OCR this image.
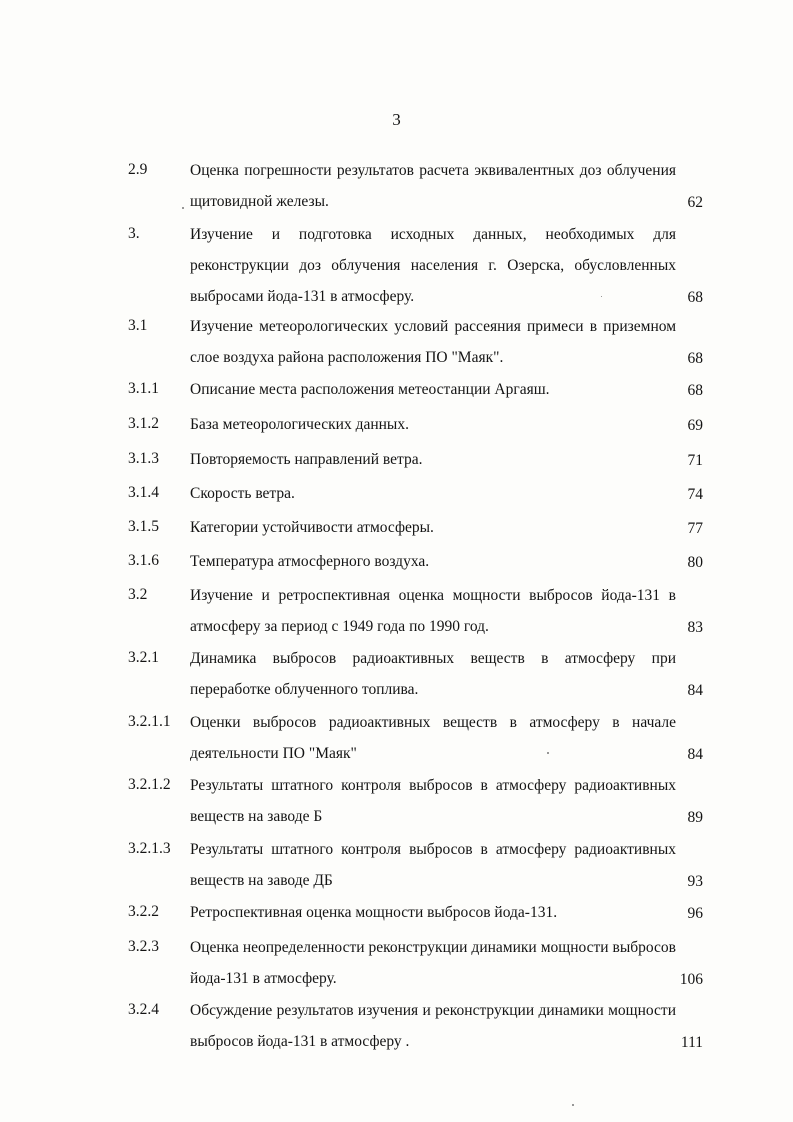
3
2.9	Оценка погрешности результатов расчета эквивалентных доз облучения щитовидной железы.	62
3.	Изучение и подготовка исходных данных, необходимых для реконструкции доз облучения населения г. Озерска, обусловленных выбросами йода-131 в атмосферу.	68
3.1	Изучение метеорологических условий рассеяния примеси в приземном слое воздуха района расположения ПО "Маяк".	68
3.1.1 Описание места расположения метеостанции Аргаяш.	68
3.1.2 База метеорологических данных.	69
3.1.3 Повторяемость направлений ветра.	71
3.1.4 Скорость ветра.	74
3.1.5 Категории устойчивости атмосферы.	77
3.1.6 Температура атмосферного воздуха.	80
3.2	Изучение и ретроспективная оценка мощности выбросов йода-131 в атмосферу за период с 1949 года по 1990 год.	83
3.2.1 Динамика выбросов радиоактивных веществ в атмосферу при переработке облученного топлива.	84
3.2.1.1 Оценки выбросов радиоактивных веществ в атмосферу в начале деятельности ПО "Маяк"	84
3.2.1.2 Результаты штатного контроля выбросов в атмосферу радиоактивных веществ на заводе Б	89
3.2.1.3 Результаты штатного контроля выбросов в атмосферу радиоактивных веществ на заводе ДБ	93
3.2.2 Ретроспективная оценка мощности выбросов йода-131.	96
3.2.3 Оценка неопределенности реконструкции динамики мощности выбросов йода-131 в атмосферу.	106
3.2.4 Обсуждение результатов изучения и реконструкции динамики мощности выбросов йода-131 в атмосферу .	111
